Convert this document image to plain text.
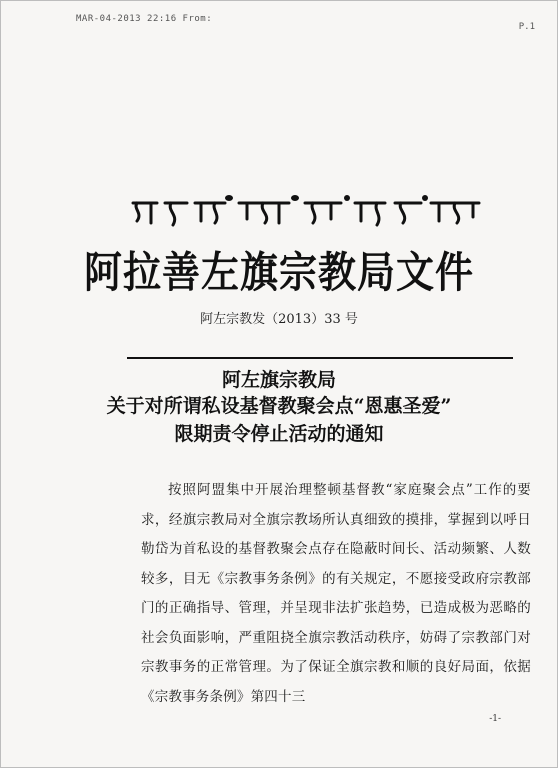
MAR-04-2013 22:16 From:
P.1
阿拉善左旗宗教局文件
阿左宗教发（2013）33 号
阿左旗宗教局
关于对所谓私设基督教聚会点“恩惠圣爱”
限期责令停止活动的通知

按照阿盟集中开展治理整顿基督教“家庭聚会点”工作的要求，经旗宗教局对全旗宗教场所认真细致的摸排，掌握到以呼日勒岱为首私设的基督教聚会点存在隐蔽时间长、活动频繁、人数较多，目无《宗教事务条例》的有关规定，不愿接受政府宗教部门的正确指导、管理，并呈现非法扩张趋势，已造成极为恶略的社会负面影响，严重阻挠全旗宗教活动秩序，妨碍了宗教部门对宗教事务的正常管理。为了保证全旗宗教和顺的良好局面，依据《宗教事务条例》第四十三

-1-
